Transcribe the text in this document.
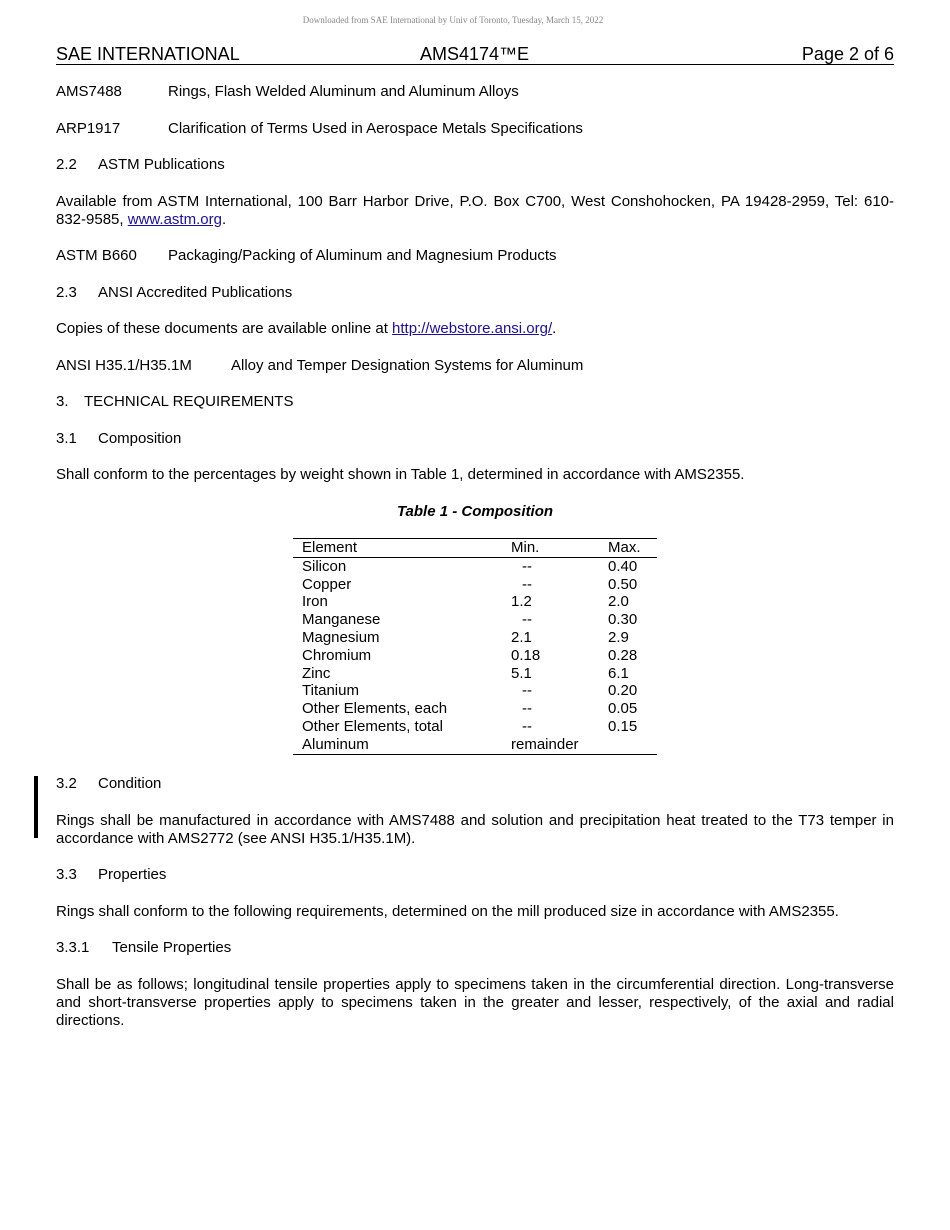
Downloaded from SAE International by Univ of Toronto, Tuesday, March 15, 2022
SAE INTERNATIONAL	AMS4174™E	Page 2 of 6
AMS7488	Rings, Flash Welded Aluminum and Aluminum Alloys
ARP1917	Clarification of Terms Used in Aerospace Metals Specifications
2.2 ASTM Publications
Available from ASTM International, 100 Barr Harbor Drive, P.O. Box C700, West Conshohocken, PA 19428-2959, Tel: 610-832-9585, www.astm.org.
ASTM B660 Packaging/Packing of Aluminum and Magnesium Products
2.3 ANSI Accredited Publications
Copies of these documents are available online at http://webstore.ansi.org/.
ANSI H35.1/H35.1M	Alloy and Temper Designation Systems for Aluminum
3. TECHNICAL REQUIREMENTS
3.1 Composition
Shall conform to the percentages by weight shown in Table 1, determined in accordance with AMS2355.
Table 1 - Composition
Element	Min.	Max.
Silicon	--	0.40
Copper	--	0.50
Iron	1.2	2.0
Manganese	--	0.30
Magnesium	2.1	2.9
Chromium	0.18	0.28
Zinc	5.1	6.1
Titanium	--	0.20
Other Elements, each	--	0.05
Other Elements, total	--	0.15
Aluminum	remainder	
3.2 Condition
Rings shall be manufactured in accordance with AMS7488 and solution and precipitation heat treated to the T73 temper in accordance with AMS2772 (see ANSI H35.1/H35.1M).
3.3 Properties
Rings shall conform to the following requirements, determined on the mill produced size in accordance with AMS2355.
3.3.1 Tensile Properties
Shall be as follows; longitudinal tensile properties apply to specimens taken in the circumferential direction. Long-transverse and short-transverse properties apply to specimens taken in the greater and lesser, respectively, of the axial and radial directions.
